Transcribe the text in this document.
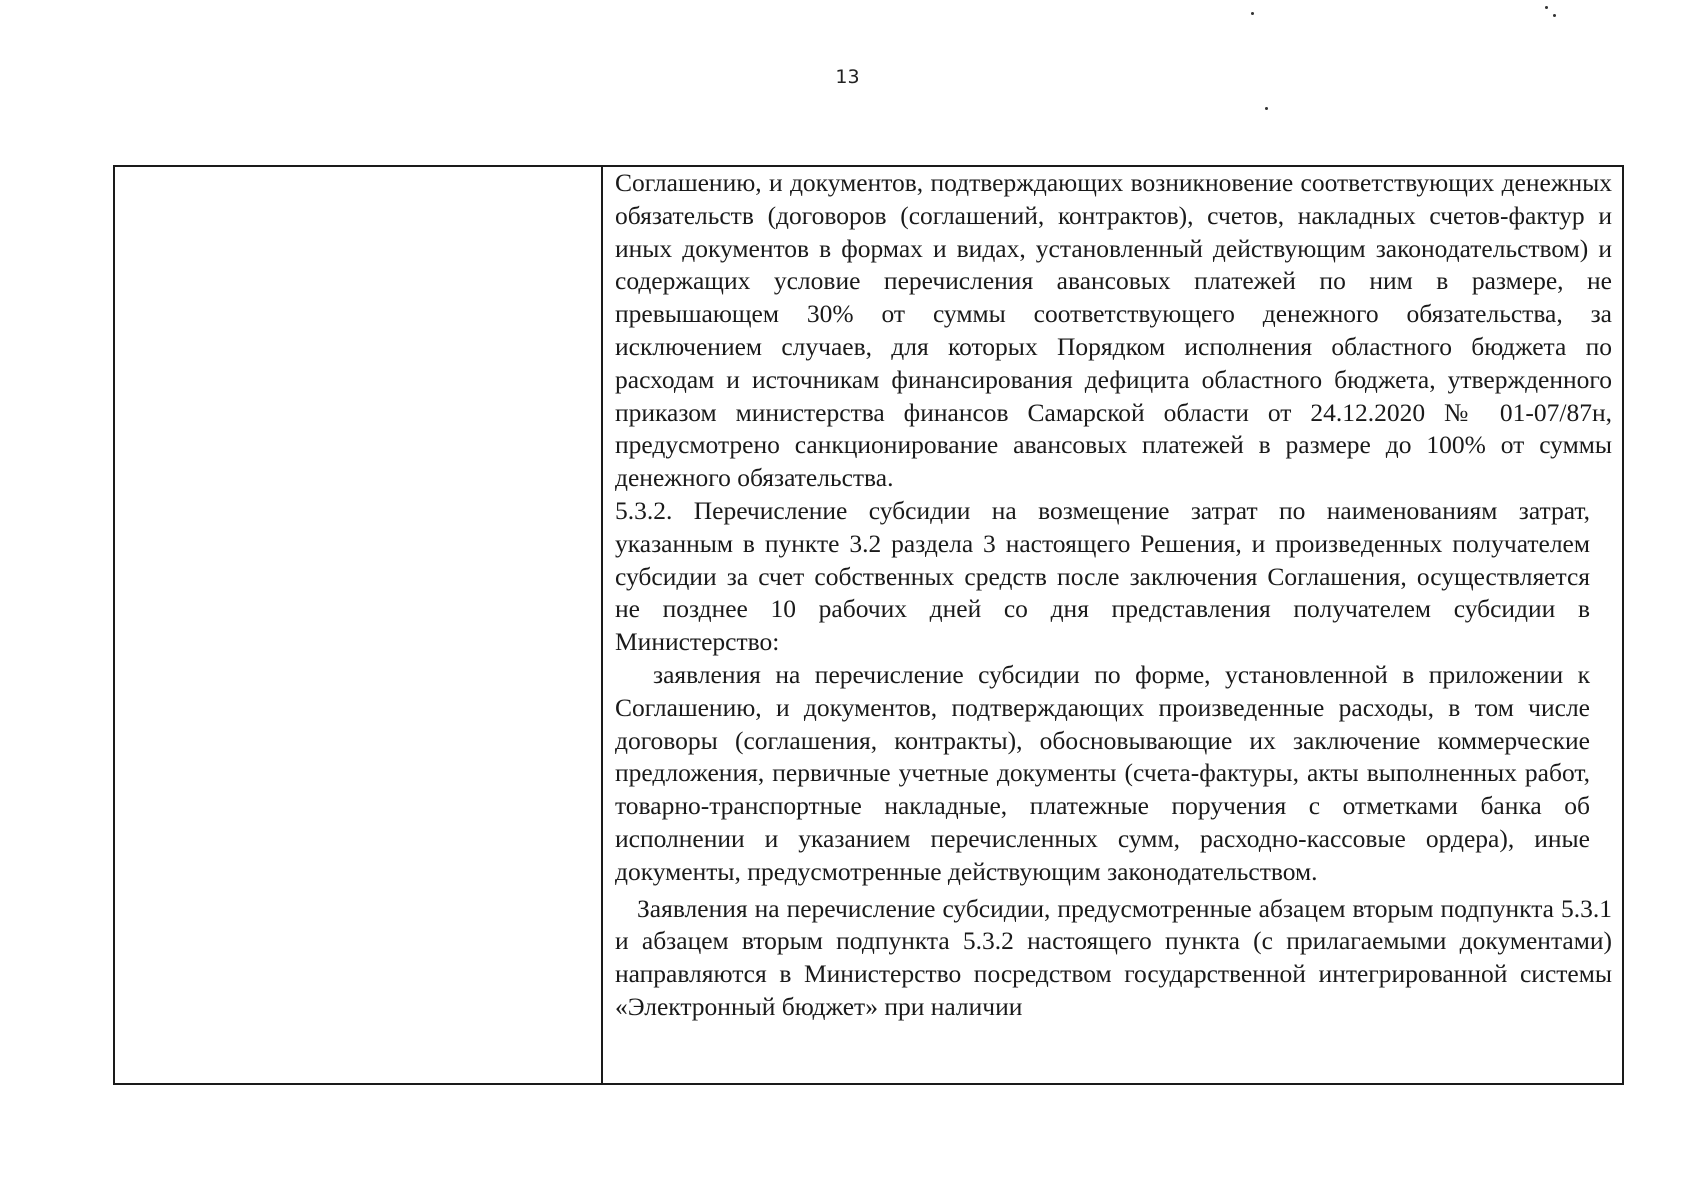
13

Соглашению, и документов, подтверждающих возникновение соответствующих денежных обязательств (договоров (соглашений, контрактов), счетов, накладных счетов-фактур и иных документов в формах и видах, установленный действующим законодательством) и содержащих условие перечисления авансовых платежей по ним в размере, не превышающем 30% от суммы соответствующего денежного обязательства, за исключением случаев, для которых Порядком исполнения областного бюджета по расходам и источникам финансирования дефицита областного бюджета, утвержденного приказом министерства финансов Самарской области от 24.12.2020 № 01-07/87н, предусмотрено санкционирование авансовых платежей в размере до 100% от суммы денежного обязательства.

5.3.2. Перечисление субсидии на возмещение затрат по наименованиям затрат, указанным в пункте 3.2 раздела 3 настоящего Решения, и произведенных получателем субсидии за счет собственных средств после заключения Соглашения, осуществляется не позднее 10 рабочих дней со дня представления получателем субсидии в Министерство:

заявления на перечисление субсидии по форме, установленной в приложении к Соглашению, и документов, подтверждающих произведенные расходы, в том числе договоры (соглашения, контракты), обосновывающие их заключение коммерческие предложения, первичные учетные документы (счета-фактуры, акты выполненных работ, товарно-транспортные накладные, платежные поручения с отметками банка об исполнении и указанием перечисленных сумм, расходно-кассовые ордера), иные документы, предусмотренные действующим законодательством.

Заявления на перечисление субсидии, предусмотренные абзацем вторым подпункта 5.3.1 и абзацем вторым подпункта 5.3.2 настоящего пункта (с прилагаемыми документами) направляются в Министерство посредством государственной интегрированной системы «Электронный бюджет» при наличии
